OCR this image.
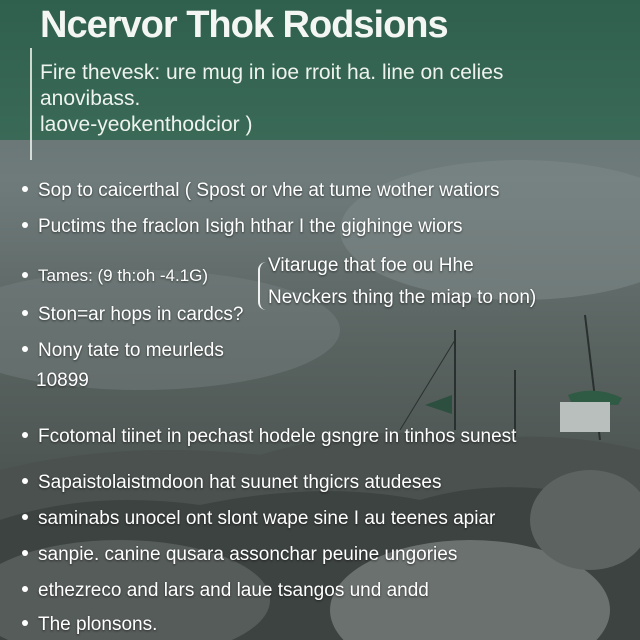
Ncervor Thok Rodsions
Fire thevesk: ure mug in ioe rroit ha. line on celies
anovibass.
laove-yeokenthodcior )
Sop to caicerthal ( Spost or vhe at tume wother watiors
Puctims the fraclon Isigh hthar I the gighinge wiors
Tames: (9 th:oh -4.1G)
Ston=ar hops in cardcs?
Nony tate to meurleds
Fcotomal tiinet in pechast hodele gsngre in tinhos sunest
Sapaistolaistmdoon hat suunet thgicrs atudeses
saminabs unocel ont slont wape sine I au teenes apiar
sanpie. canine qusara assonchar peuine ungories
ethezreco and lars and laue tsangos und andd
The plonsons.
10899
Vitaruge that foe ou Hhe
Nevckers thing the miap to non)
